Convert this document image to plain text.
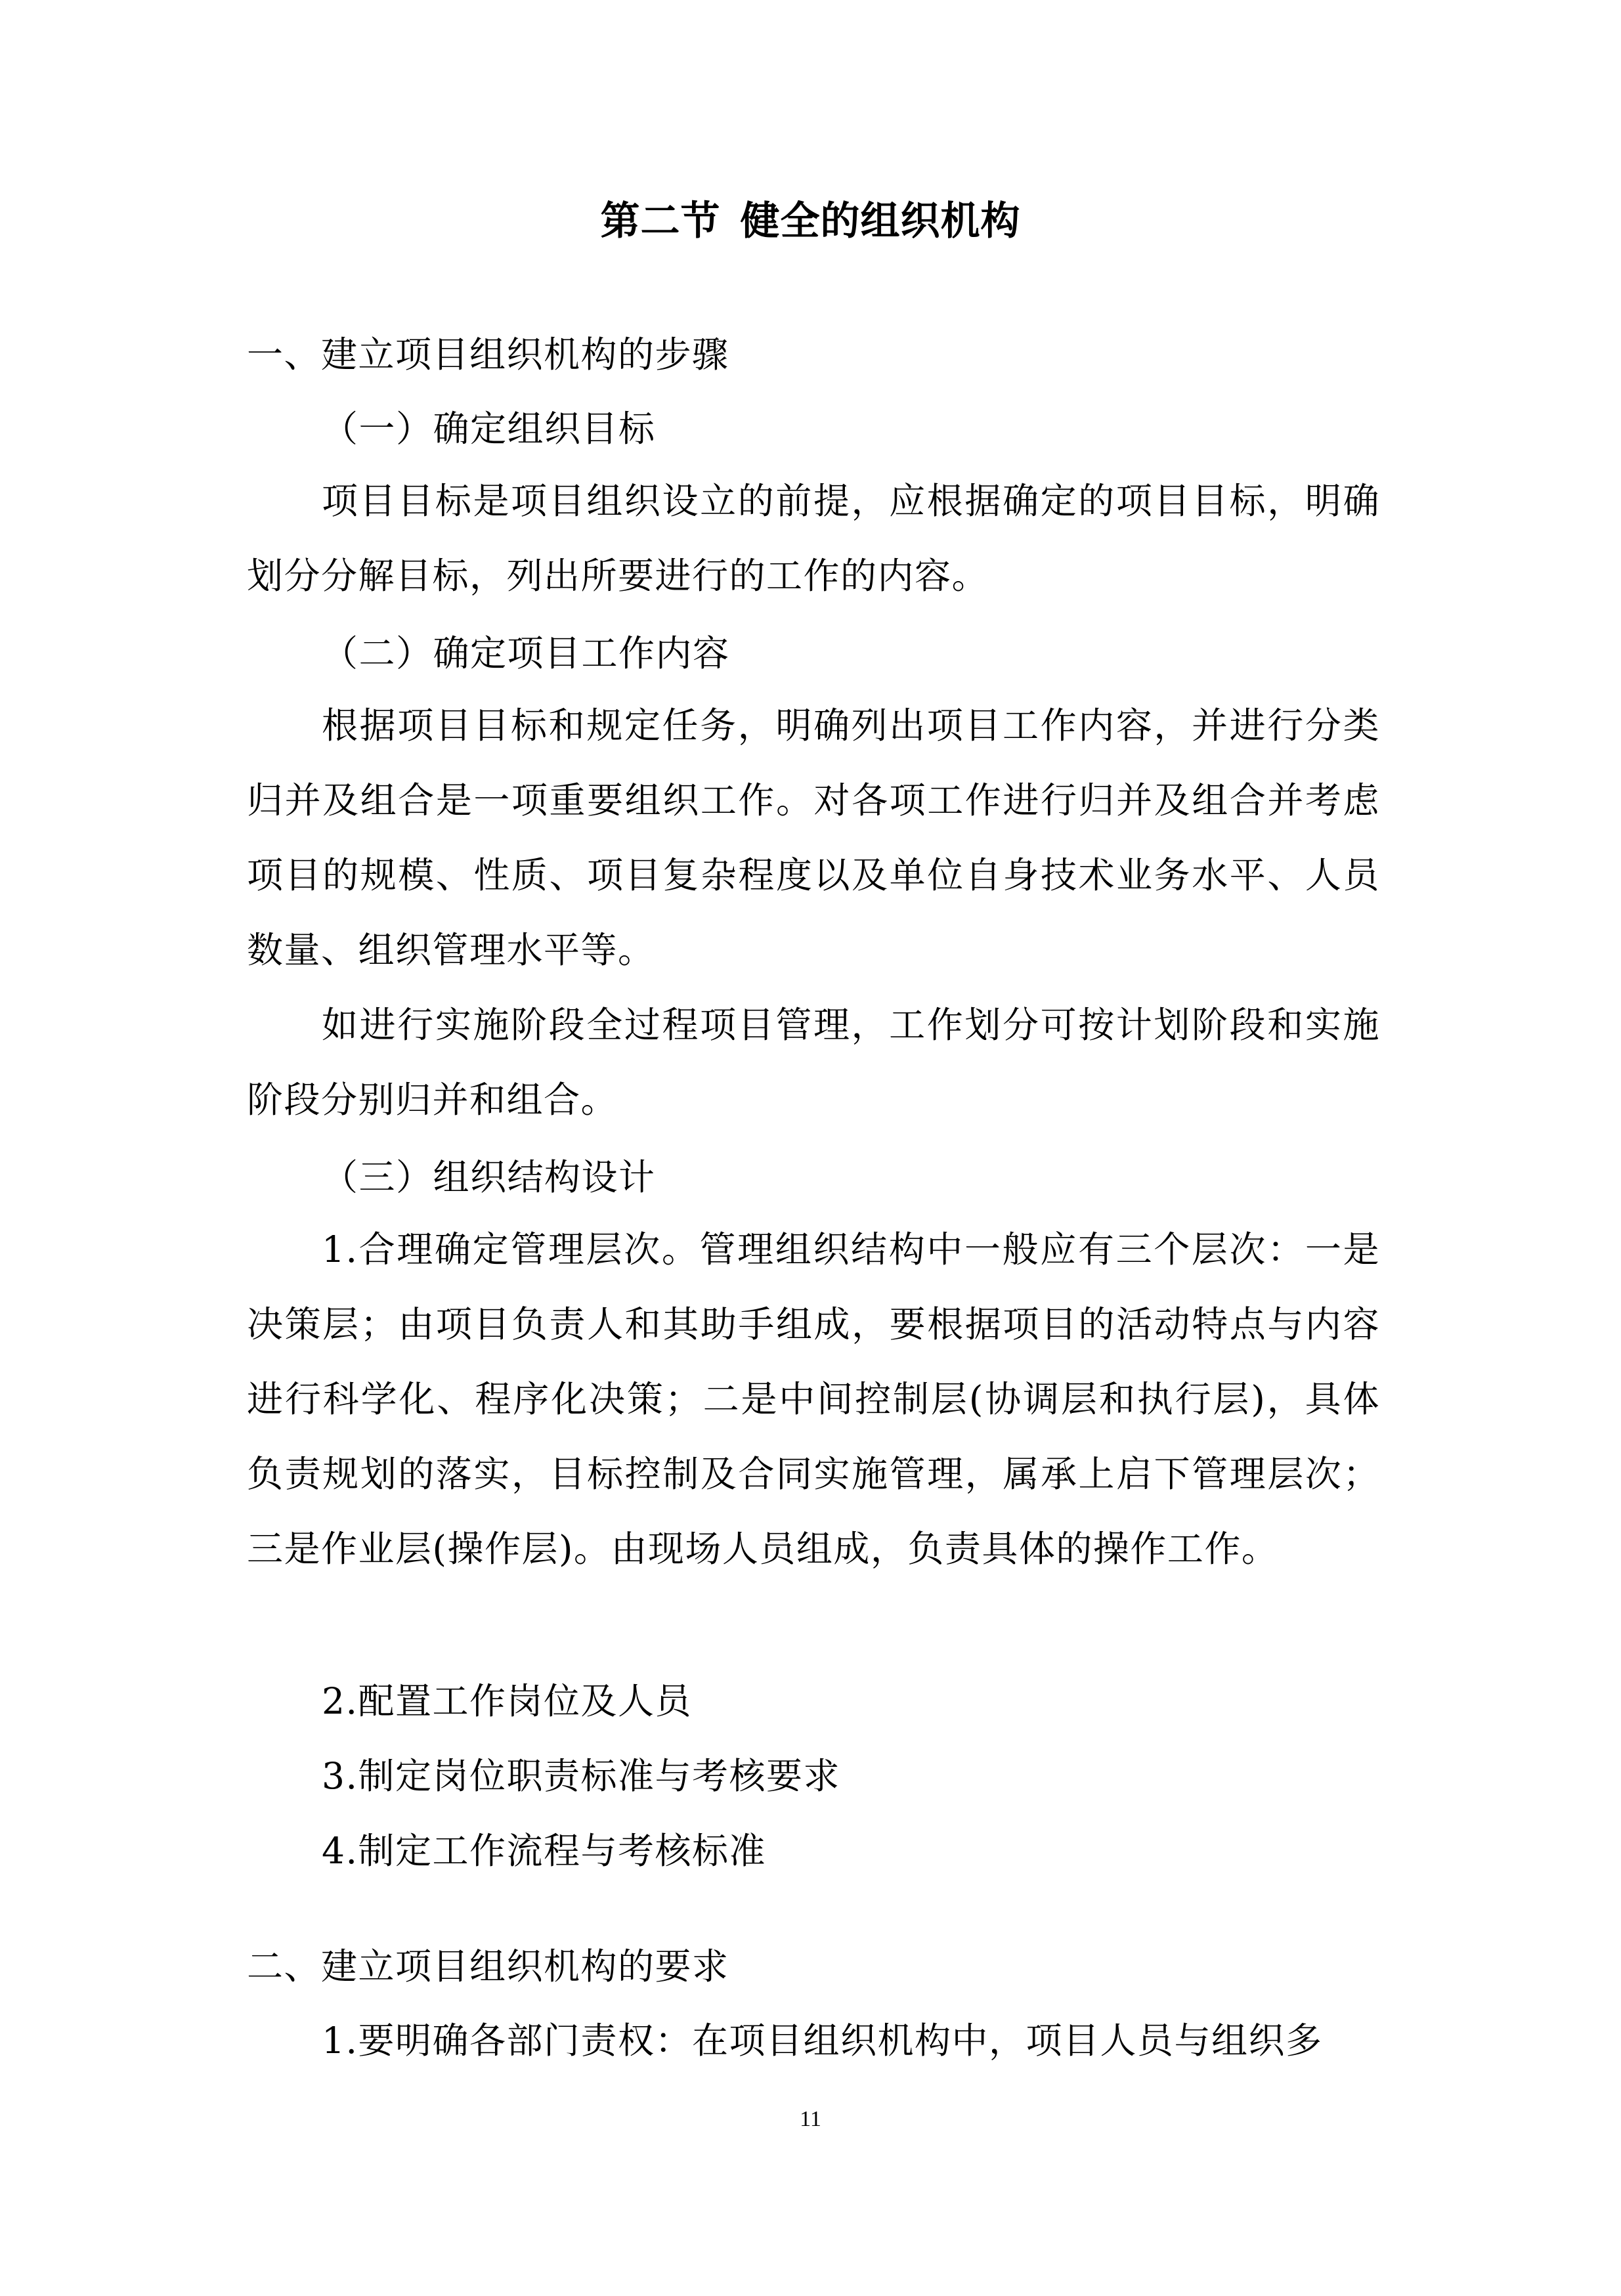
第二节 健全的组织机构
一、建立项目组织机构的步骤
（一）确定组织目标
项目目标是项目组织设立的前提，应根据确定的项目目标，明确划分分解目标，列出所要进行的工作的内容。
（二）确定项目工作内容
根据项目目标和规定任务，明确列出项目工作内容，并进行分类归并及组合是一项重要组织工作。对各项工作进行归并及组合并考虑项目的规模、性质、项目复杂程度以及单位自身技术业务水平、人员数量、组织管理水平等。
如进行实施阶段全过程项目管理，工作划分可按计划阶段和实施阶段分别归并和组合。
（三）组织结构设计
1.合理确定管理层次。管理组织结构中一般应有三个层次：一是决策层；由项目负责人和其助手组成，要根据项目的活动特点与内容进行科学化、程序化决策；二是中间控制层(协调层和执行层)，具体负责规划的落实，目标控制及合同实施管理，属承上启下管理层次；三是作业层(操作层)。由现场人员组成，负责具体的操作工作。
2.配置工作岗位及人员
3.制定岗位职责标准与考核要求
4.制定工作流程与考核标准
二、建立项目组织机构的要求
1.要明确各部门责权：在项目组织机构中，项目人员与组织多
11
